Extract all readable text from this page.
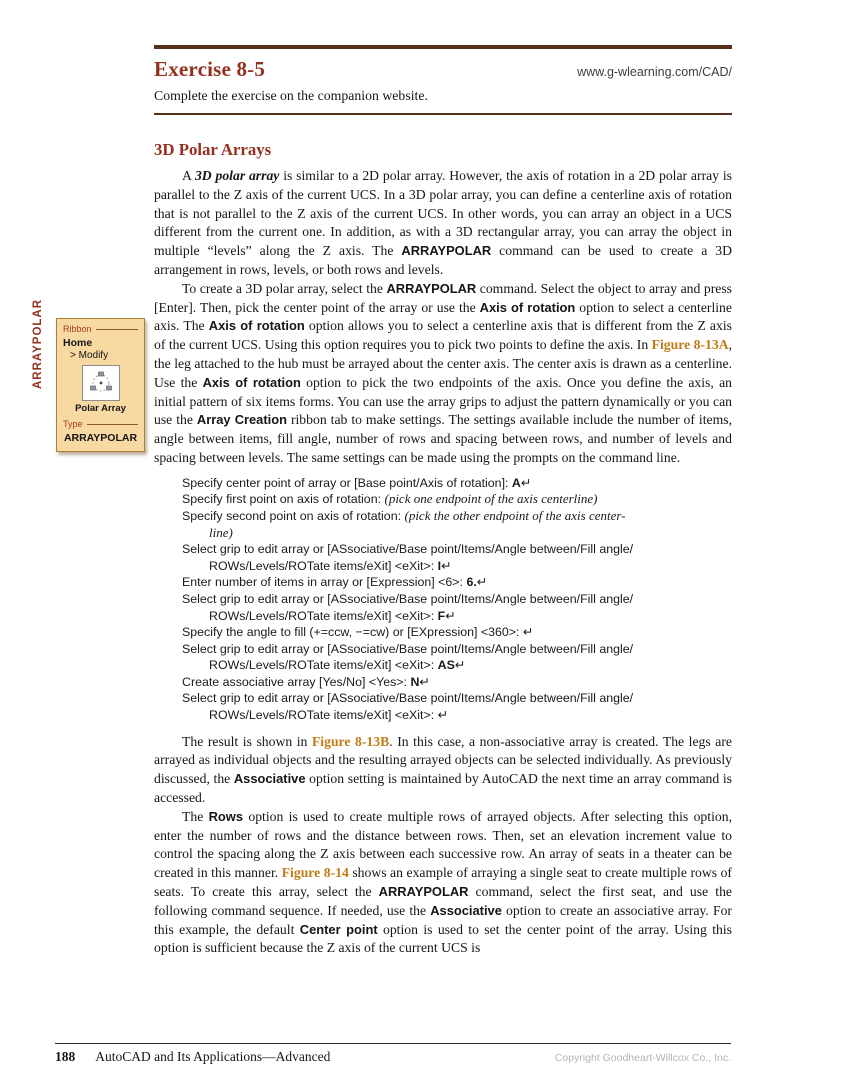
ARRAYPOLAR	Ribbon
Home
> Modify
Polar Array
Type
ARRAYPOLAR
Exercise 8-5	www.g-wlearning.com/CAD/
Complete the exercise on the companion website.
3D Polar Arrays

A 3D polar array is similar to a 2D polar array. However, the axis of rotation in a 2D polar array is parallel to the Z axis of the current UCS. In a 3D polar array, you can define a centerline axis of rotation that is not parallel to the Z axis of the current UCS. In other words, you can array an object in a UCS different from the current one. In addition, as with a 3D rectangular array, you can array the object in multiple “levels” along the Z axis. The ARRAYPOLAR command can be used to create a 3D arrangement in rows, levels, or both rows and levels.

To create a 3D polar array, select the ARRAYPOLAR command. Select the object to array and press [Enter]. Then, pick the center point of the array or use the Axis of rotation option to select a centerline axis. The Axis of rotation option allows you to select a centerline axis that is different from the Z axis of the current UCS. Using this option requires you to pick two points to define the axis. In Figure 8-13A, the leg attached to the hub must be arrayed about the center axis. The center axis is drawn as a centerline. Use the Axis of rotation option to pick the two endpoints of the axis. Once you define the axis, an initial pattern of six items forms. You can use the array grips to adjust the pattern dynamically or you can use the Array Creation ribbon tab to make settings. The settings available include the number of items, angle between items, fill angle, number of rows and spacing between rows, and number of levels and spacing between levels. The same settings can be made using the prompts on the command line.

Specify center point of array or [Base point/Axis of rotation]: A↵
Specify first point on axis of rotation: (pick one endpoint of the axis centerline)
Specify second point on axis of rotation: (pick the other endpoint of the axis center-
line)
Select grip to edit array or [ASsociative/Base point/Items/Angle between/Fill angle/
ROWs/Levels/ROTate items/eXit] <eXit>: I↵
Enter number of items in array or [Expression] <6>: 6.↵
Select grip to edit array or [ASsociative/Base point/Items/Angle between/Fill angle/
ROWs/Levels/ROTate items/eXit] <eXit>: F↵
Specify the angle to fill (+=ccw, −=cw) or [EXpression] <360>: ↵
Select grip to edit array or [ASsociative/Base point/Items/Angle between/Fill angle/
ROWs/Levels/ROTate items/eXit] <eXit>: AS↵
Create associative array [Yes/No] <Yes>: N↵
Select grip to edit array or [ASsociative/Base point/Items/Angle between/Fill angle/
ROWs/Levels/ROTate items/eXit] <eXit>: ↵

The result is shown in Figure 8-13B. In this case, a non-associative array is created. The legs are arrayed as individual objects and the resulting arrayed objects can be selected individually. As previously discussed, the Associative option setting is maintained by AutoCAD the next time an array command is accessed.

The Rows option is used to create multiple rows of arrayed objects. After selecting this option, enter the number of rows and the distance between rows. Then, set an elevation increment value to control the spacing along the Z axis between each successive row. An array of seats in a theater can be created in this manner. Figure 8-14 shows an example of arraying a single seat to create multiple rows of seats. To create this array, select the ARRAYPOLAR command, select the first seat, and use the following command sequence. If needed, use the Associative option to create an associative array. For this example, the default Center point option is used to set the center point of the array. Using this option is sufficient because the Z axis of the current UCS is

188 AutoCAD and Its Applications—Advanced	Copyright Goodheart-Willcox Co., Inc.
